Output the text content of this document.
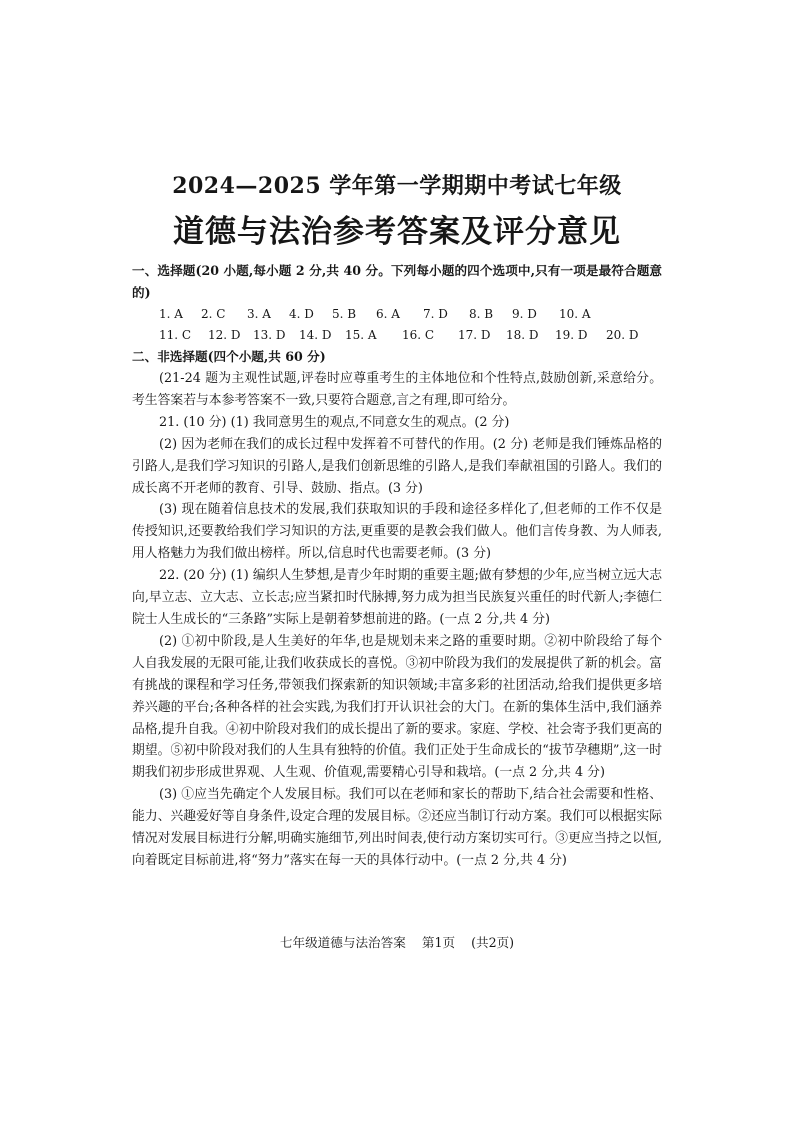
2024—2025 学年第一学期期中考试七年级
道德与法治参考答案及评分意见

一、选择题(20 小题,每小题 2 分,共 40 分。下列每小题的四个选项中,只有一项是最符合题意的)

1. A	2. C	3. A	4. D	5. B	6. A	7. D	8. B	9. D	10. A
11. C	12. D	13. D	14. D	15. A	16. C	17. D	18. D	19. D	20. D

二、非选择题(四个小题,共 60 分)

(21-24 题为主观性试题,评卷时应尊重考生的主体地位和个性特点,鼓励创新,采意给分。考生答案若与本参考答案不一致,只要符合题意,言之有理,即可给分。

21. (10 分) (1) 我同意男生的观点,不同意女生的观点。(2 分)

(2) 因为老师在我们的成长过程中发挥着不可替代的作用。(2 分) 老师是我们锤炼品格的引路人,是我们学习知识的引路人,是我们创新思维的引路人,是我们奉献祖国的引路人。我们的成长离不开老师的教育、引导、鼓励、指点。(3 分)

(3) 现在随着信息技术的发展,我们获取知识的手段和途径多样化了,但老师的工作不仅是传授知识,还要教给我们学习知识的方法,更重要的是教会我们做人。他们言传身教、为人师表,用人格魅力为我们做出榜样。所以,信息时代也需要老师。(3 分)

22. (20 分) (1) 编织人生梦想,是青少年时期的重要主题;做有梦想的少年,应当树立远大志向,早立志、立大志、立长志;应当紧扣时代脉搏,努力成为担当民族复兴重任的时代新人;李德仁院士人生成长的“三条路”实际上是朝着梦想前进的路。(一点 2 分,共 4 分)

(2) ①初中阶段,是人生美好的年华,也是规划未来之路的重要时期。②初中阶段给了每个人自我发展的无限可能,让我们收获成长的喜悦。③初中阶段为我们的发展提供了新的机会。富有挑战的课程和学习任务,带领我们探索新的知识领域;丰富多彩的社团活动,给我们提供更多培养兴趣的平台;各种各样的社会实践,为我们打开认识社会的大门。在新的集体生活中,我们涵养品格,提升自我。④初中阶段对我们的成长提出了新的要求。家庭、学校、社会寄予我们更高的期望。⑤初中阶段对我们的人生具有独特的价值。我们正处于生命成长的“拔节孕穗期”,这一时期我们初步形成世界观、人生观、价值观,需要精心引导和栽培。(一点 2 分,共 4 分)

(3) ①应当先确定个人发展目标。我们可以在老师和家长的帮助下,结合社会需要和性格、能力、兴趣爱好等自身条件,设定合理的发展目标。②还应当制订行动方案。我们可以根据实际情况对发展目标进行分解,明确实施细节,列出时间表,使行动方案切实可行。③更应当持之以恒,向着既定目标前进,将“努力”落实在每一天的具体行动中。(一点 2 分,共 4 分)

七年级道德与法治答案 第1页 (共2页)
